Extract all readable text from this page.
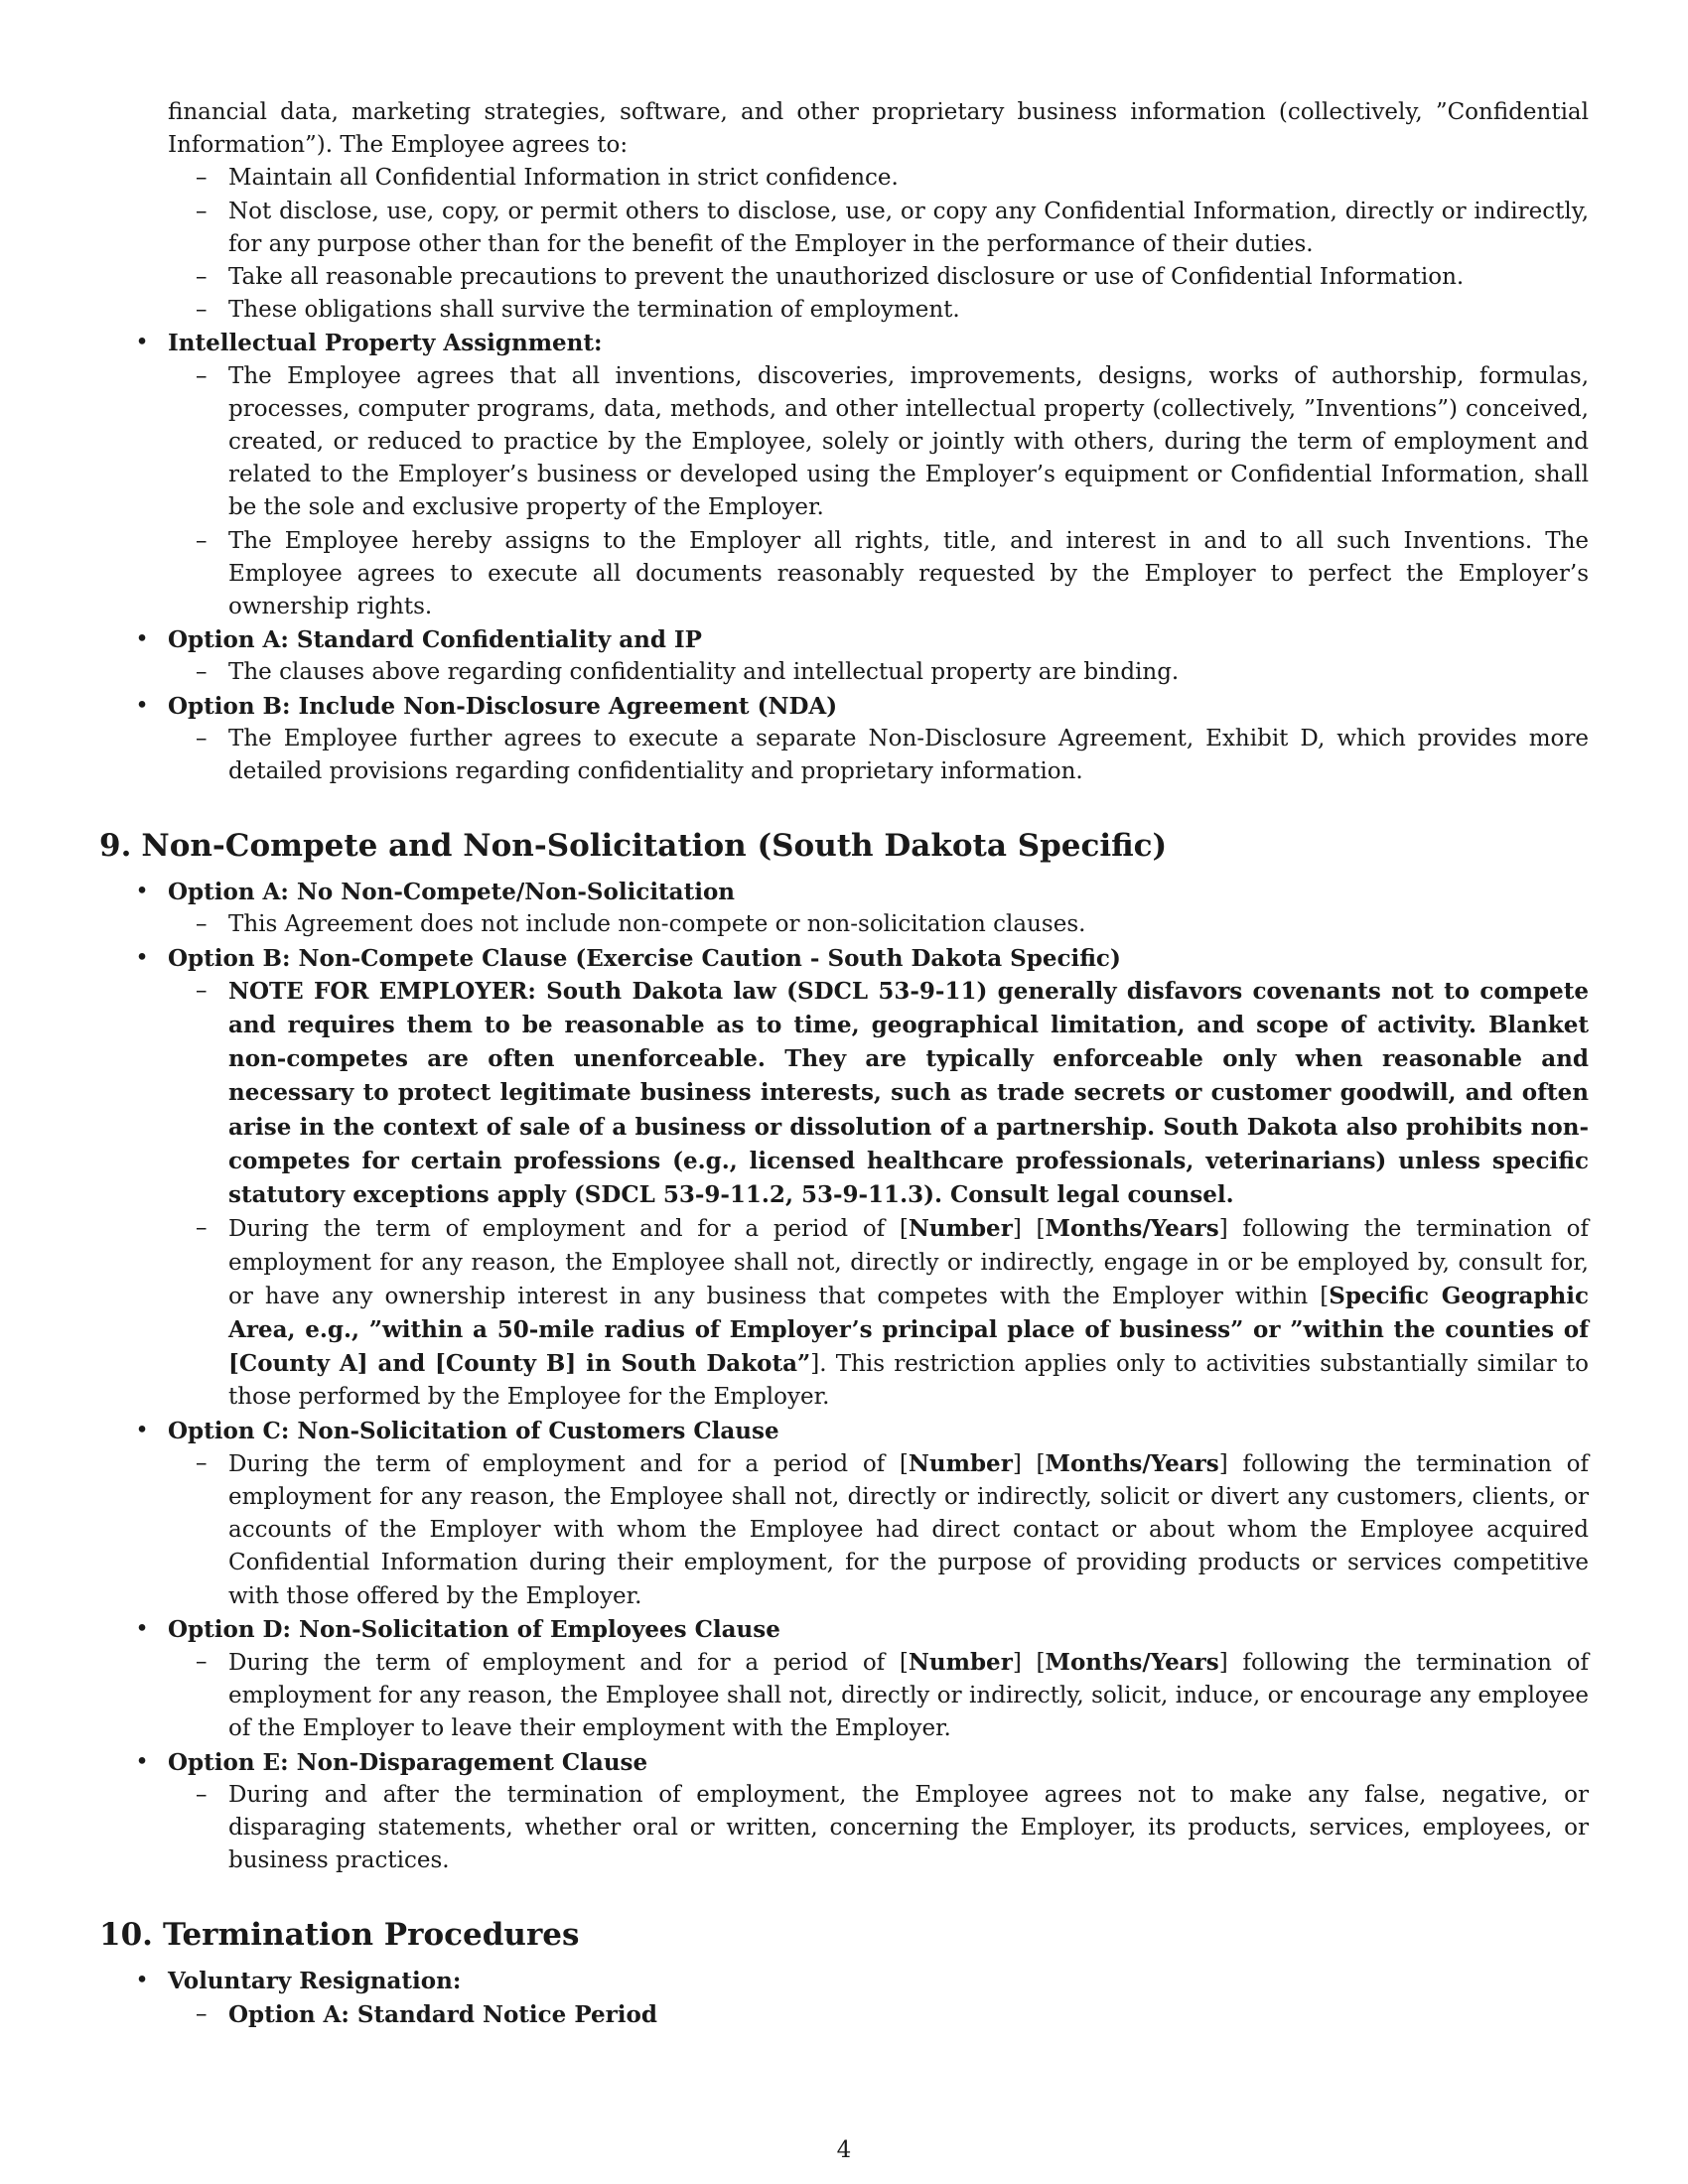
financial data, marketing strategies, software, and other proprietary business information (collectively, ”Confidential Information”). The Employee agrees to:

– Maintain all Confidential Information in strict confidence.
– Not disclose, use, copy, or permit others to disclose, use, or copy any Confidential Information, directly or indirectly, for any purpose other than for the benefit of the Employer in the performance of their duties.
– Take all reasonable precautions to prevent the unauthorized disclosure or use of Confidential Information.
– These obligations shall survive the termination of employment.
• Intellectual Property Assignment:
– The Employee agrees that all inventions, discoveries, improvements, designs, works of authorship, formulas, processes, computer programs, data, methods, and other intellectual property (collectively, ”Inventions”) conceived, created, or reduced to practice by the Employee, solely or jointly with others, during the term of employment and related to the Employer’s business or developed using the Employer’s equipment or Confidential Information, shall be the sole and exclusive property of the Employer.
– The Employee hereby assigns to the Employer all rights, title, and interest in and to all such Inventions. The Employee agrees to execute all documents reasonably requested by the Employer to perfect the Employer’s ownership rights.
• Option A: Standard Confidentiality and IP
– The clauses above regarding confidentiality and intellectual property are binding.
• Option B: Include Non-Disclosure Agreement (NDA)
– The Employee further agrees to execute a separate Non-Disclosure Agreement, Exhibit D, which provides more detailed provisions regarding confidentiality and proprietary information.
9. Non-Compete and Non-Solicitation (South Dakota Specific)
• Option A: No Non-Compete/Non-Solicitation
– This Agreement does not include non-compete or non-solicitation clauses.
• Option B: Non-Compete Clause (Exercise Caution - South Dakota Specific)
– NOTE FOR EMPLOYER: South Dakota law (SDCL 53-9-11) generally disfavors covenants not to compete and requires them to be reasonable as to time, geographical limitation, and scope of activity. Blanket non-competes are often unenforceable. They are typically enforceable only when reasonable and necessary to protect legitimate business interests, such as trade secrets or customer goodwill, and often arise in the context of sale of a business or dissolution of a partnership. South Dakota also prohibits non-competes for certain professions (e.g., licensed healthcare professionals, veterinarians) unless specific statutory exceptions apply (SDCL 53-9-11.2, 53-9-11.3). Consult legal counsel.
– During the term of employment and for a period of [Number] [Months/Years] following the termination of employment for any reason, the Employee shall not, directly or indirectly, engage in or be employed by, consult for, or have any ownership interest in any business that competes with the Employer within [Specific Geographic Area, e.g., ”within a 50-mile radius of Employer’s principal place of business” or ”within the counties of [County A] and [County B] in South Dakota”]. This restriction applies only to activities substantially similar to those performed by the Employee for the Employer.
• Option C: Non-Solicitation of Customers Clause
– During the term of employment and for a period of [Number] [Months/Years] following the termination of employment for any reason, the Employee shall not, directly or indirectly, solicit or divert any customers, clients, or accounts of the Employer with whom the Employee had direct contact or about whom the Employee acquired Confidential Information during their employment, for the purpose of providing products or services competitive with those offered by the Employer.
• Option D: Non-Solicitation of Employees Clause
– During the term of employment and for a period of [Number] [Months/Years] following the termination of employment for any reason, the Employee shall not, directly or indirectly, solicit, induce, or encourage any employee of the Employer to leave their employment with the Employer.
• Option E: Non-Disparagement Clause
– During and after the termination of employment, the Employee agrees not to make any false, negative, or disparaging statements, whether oral or written, concerning the Employer, its products, services, employees, or business practices.
10. Termination Procedures
• Voluntary Resignation:
– Option A: Standard Notice Period
4
